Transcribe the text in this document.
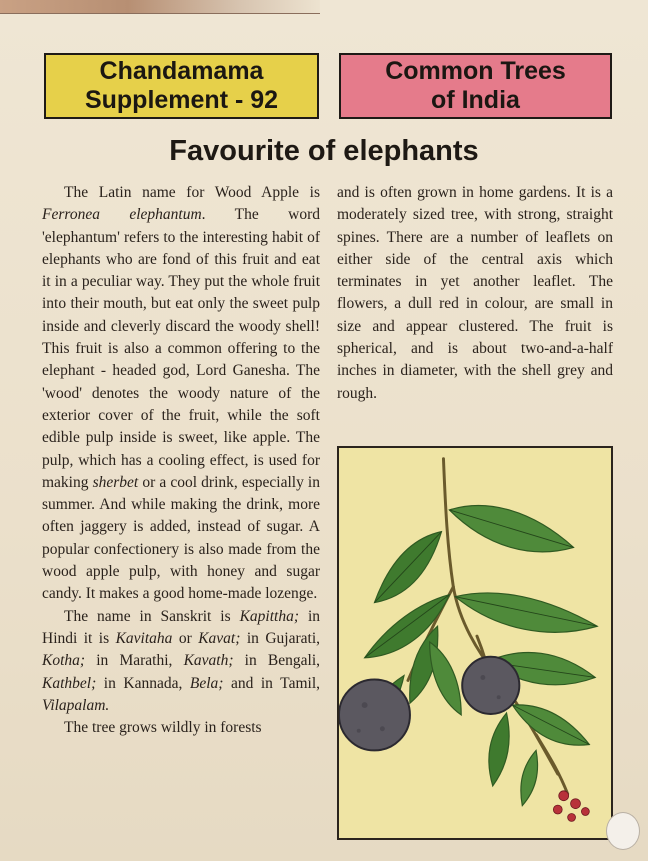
Chandamama
Supplement - 92
Common Trees
of India
Favourite of elephants

The Latin name for Wood Apple is Ferronea elephantum. The word 'elephantum' refers to the interesting habit of elephants who are fond of this fruit and eat it in a peculiar way. They put the whole fruit into their mouth, but eat only the sweet pulp inside and cleverly discard the woody shell! This fruit is also a common offering to the elephant - headed god, Lord Ganesha. The 'wood' denotes the woody nature of the exterior cover of the fruit, while the soft edible pulp inside is sweet, like apple. The pulp, which has a cooling effect, is used for making sherbet or a cool drink, especially in summer. And while making the drink, more often jaggery is added, instead of sugar. A popular confectionery is also made from the wood apple pulp, with honey and sugar candy. It makes a good home-made lozenge.

The name in Sanskrit is Kapittha; in Hindi it is Kavitaha or Kavat; in Gujarati, Kotha; in Marathi, Kavath; in Bengali, Kathbel; in Kannada, Bela; and in Tamil, Vilapalam.

The tree grows wildly in forests

and is often grown in home gardens. It is a moderately sized tree, with strong, straight spines. There are a number of leaflets on either side of the central axis which terminates in yet another leaflet. The flowers, a dull red in colour, are small in size and appear clustered. The fruit is spherical, and is about two-and-a-half inches in diameter, with the shell grey and rough.
